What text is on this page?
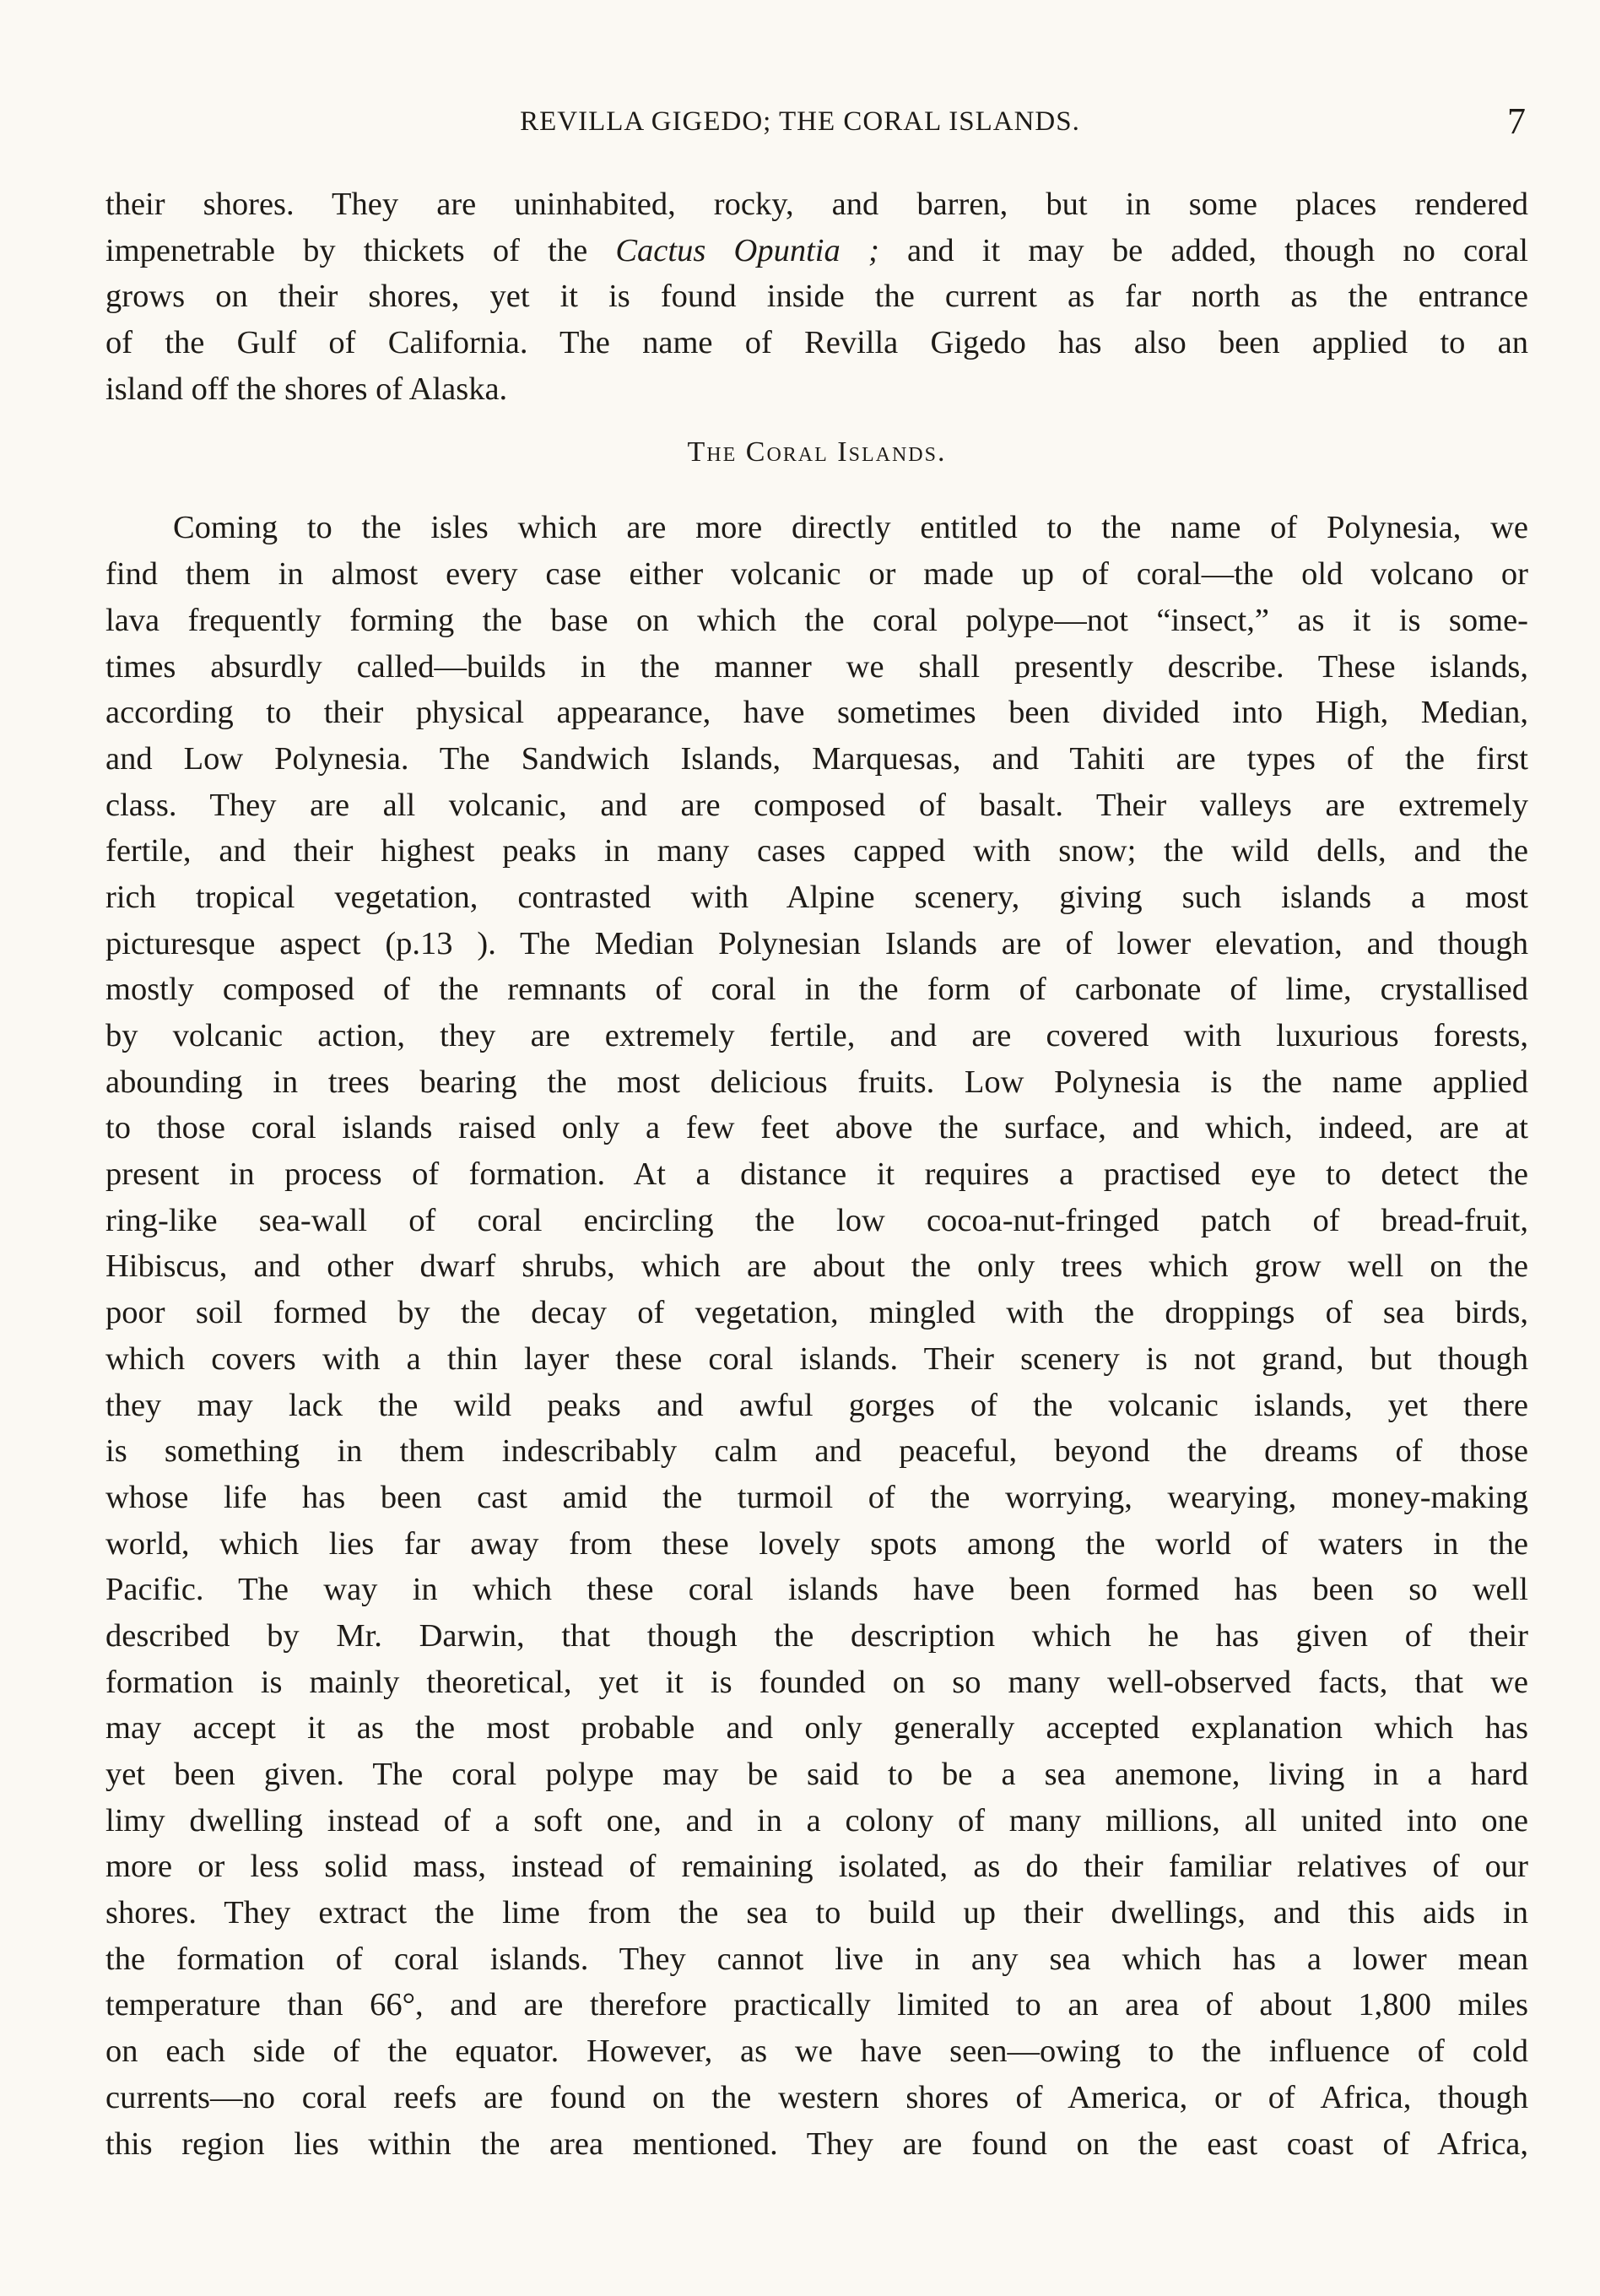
REVILLA GIGEDO; THE CORAL ISLANDS.	7
their shores. They are uninhabited, rocky, and barren, but in some places rendered
impenetrable by thickets of the Cactus Opuntia ; and it may be added, though no coral
grows on their shores, yet it is found inside the current as far north as the entrance
of the Gulf of California. The name of Revilla Gigedo has also been applied to an
island off the shores of Alaska.
The Coral Islands.
Coming to the isles which are more directly entitled to the name of Polynesia, we
find them in almost every case either volcanic or made up of coral—the old volcano or
lava frequently forming the base on which the coral polype—not “insect,” as it is some-
times absurdly called—builds in the manner we shall presently describe. These islands,
according to their physical appearance, have sometimes been divided into High, Median,
and Low Polynesia. The Sandwich Islands, Marquesas, and Tahiti are types of the first
class. They are all volcanic, and are composed of basalt. Their valleys are extremely
fertile, and their highest peaks in many cases capped with snow; the wild dells, and the
rich tropical vegetation, contrasted with Alpine scenery, giving such islands a most
picturesque aspect (p.13 ). The Median Polynesian Islands are of lower elevation, and though
mostly composed of the remnants of coral in the form of carbonate of lime, crystallised
by volcanic action, they are extremely fertile, and are covered with luxurious forests,
abounding in trees bearing the most delicious fruits. Low Polynesia is the name applied
to those coral islands raised only a few feet above the surface, and which, indeed, are at
present in process of formation. At a distance it requires a practised eye to detect the
ring-like sea-wall of coral encircling the low cocoa-nut-fringed patch of bread-fruit,
Hibiscus, and other dwarf shrubs, which are about the only trees which grow well on the
poor soil formed by the decay of vegetation, mingled with the droppings of sea birds,
which covers with a thin layer these coral islands. Their scenery is not grand, but though
they may lack the wild peaks and awful gorges of the volcanic islands, yet there
is something in them indescribably calm and peaceful, beyond the dreams of those
whose life has been cast amid the turmoil of the worrying, wearying, money-making
world, which lies far away from these lovely spots among the world of waters in the
Pacific. The way in which these coral islands have been formed has been so well
described by Mr. Darwin, that though the description which he has given of their
formation is mainly theoretical, yet it is founded on so many well-observed facts, that we
may accept it as the most probable and only generally accepted explanation which has
yet been given. The coral polype may be said to be a sea anemone, living in a hard
limy dwelling instead of a soft one, and in a colony of many millions, all united into one
more or less solid mass, instead of remaining isolated, as do their familiar relatives of our
shores. They extract the lime from the sea to build up their dwellings, and this aids in
the formation of coral islands. They cannot live in any sea which has a lower mean
temperature than 66°, and are therefore practically limited to an area of about 1,800 miles
on each side of the equator. However, as we have seen—owing to the influence of cold
currents—no coral reefs are found on the western shores of America, or of Africa, though
this region lies within the area mentioned. They are found on the east coast of Africa,
